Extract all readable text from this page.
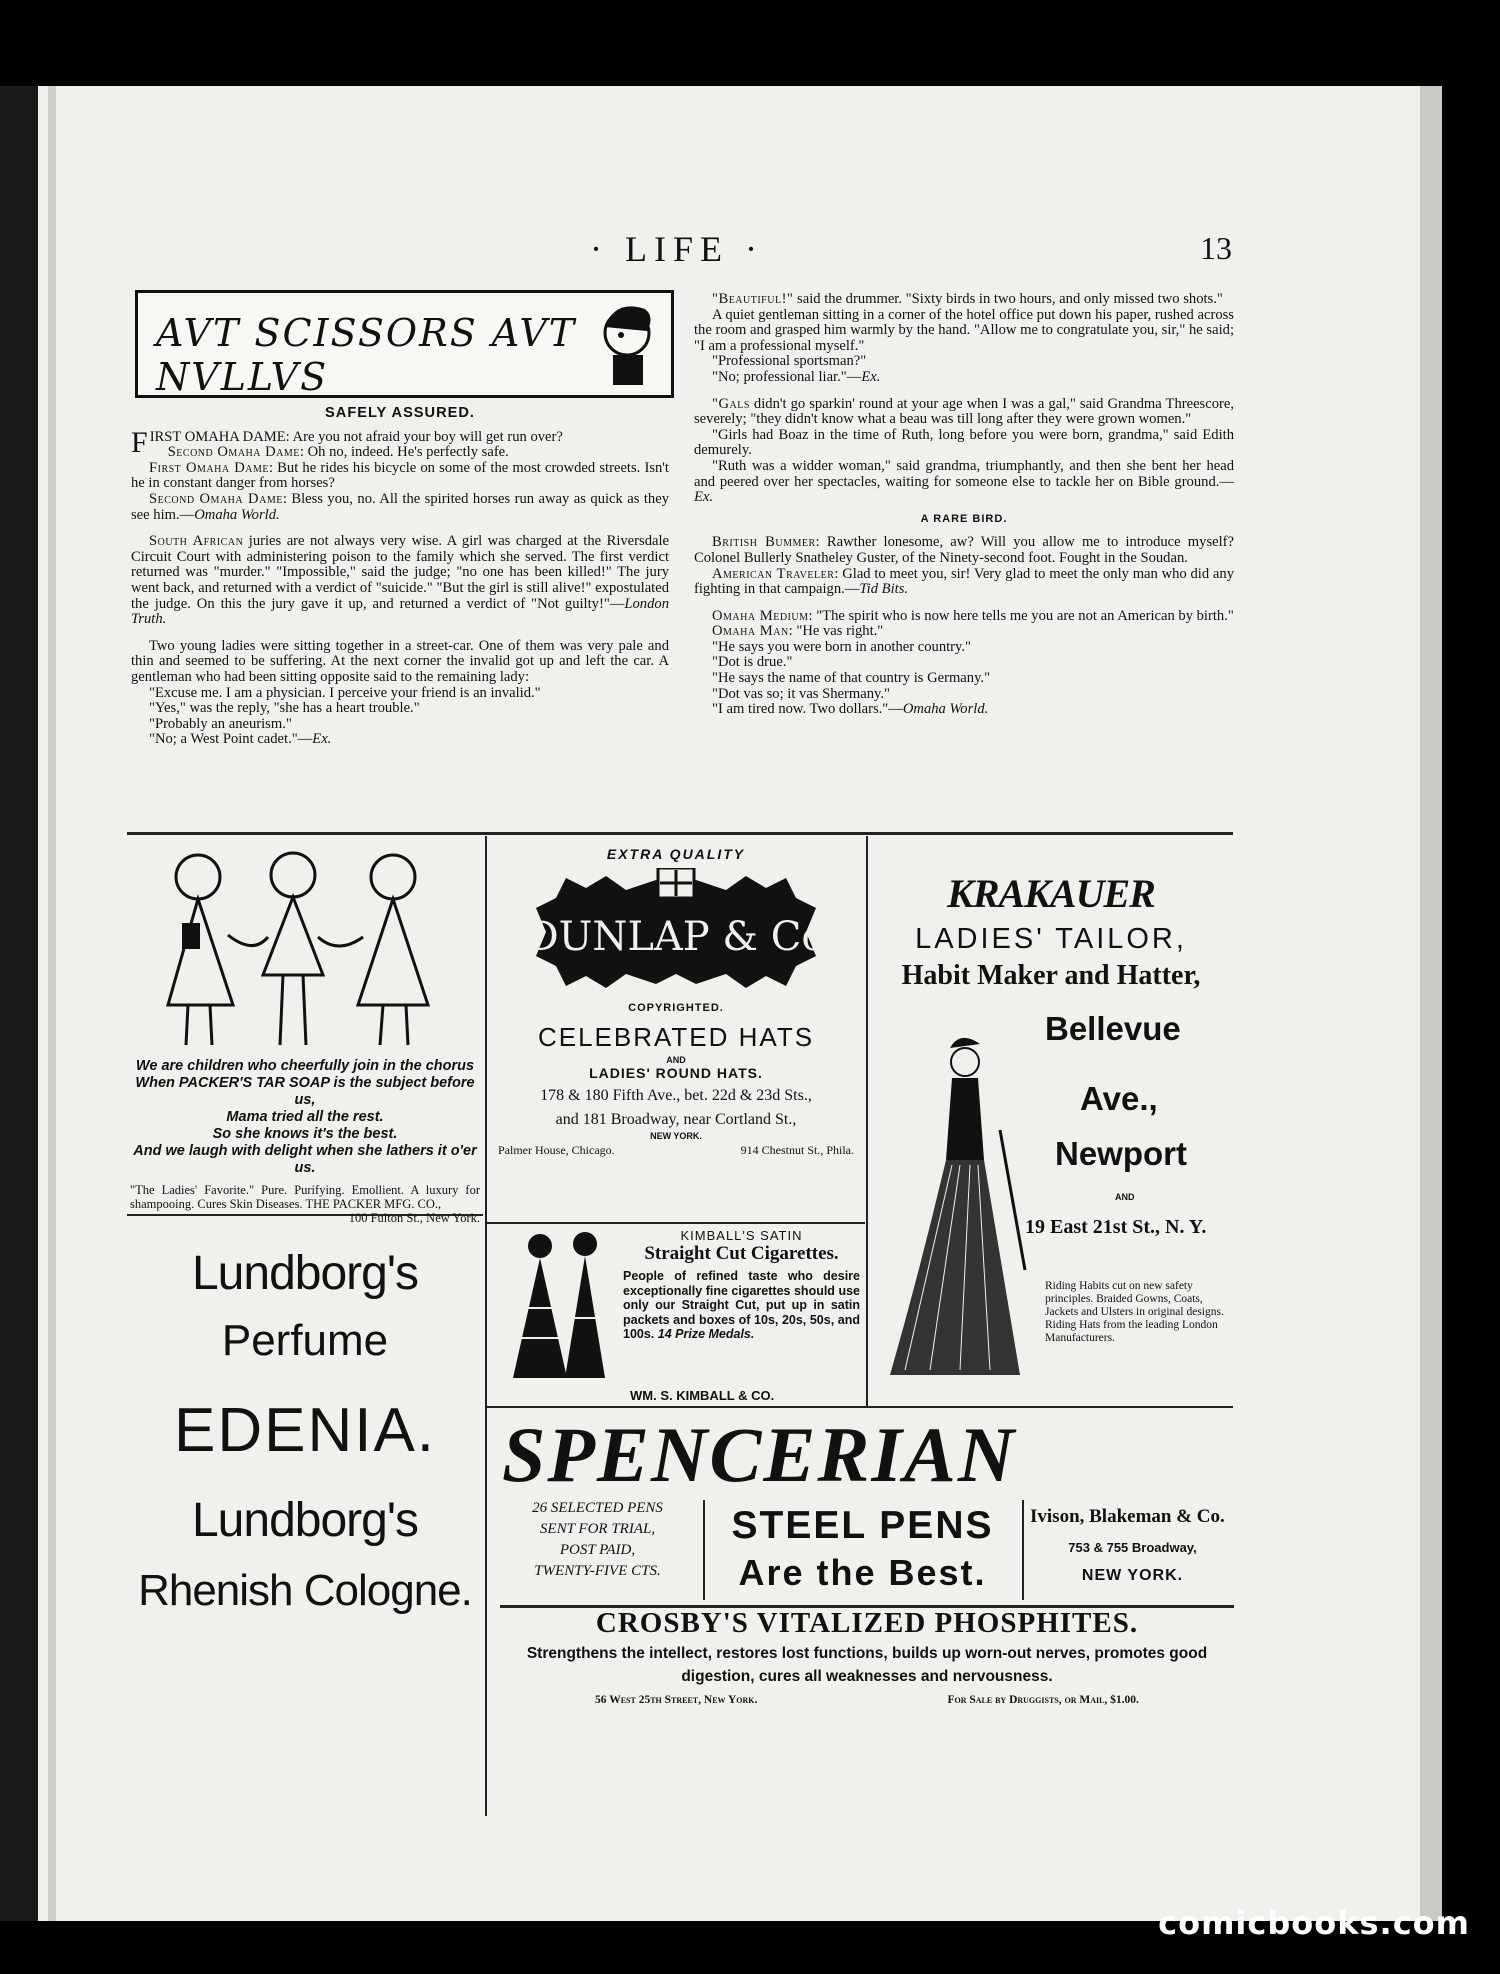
· LIFE ·	13
AVT SCISSORS AVT NVLLVS

SAFELY ASSURED.

FIRST OMAHA DAME: Are you not afraid your boy will get run over?

Second Omaha Dame: Oh no, indeed. He's perfectly safe.

First Omaha Dame: But he rides his bicycle on some of the most crowded streets. Isn't he in constant danger from horses?

Second Omaha Dame: Bless you, no. All the spirited horses run away as quick as they see him.—Omaha World.

South African juries are not always very wise. A girl was charged at the Riversdale Circuit Court with administering poison to the family which she served. The first verdict returned was "murder." "Impossible," said the judge; "no one has been killed!" The jury went back, and returned with a verdict of "suicide." "But the girl is still alive!" expostulated the judge. On this the jury gave it up, and returned a verdict of "Not guilty!"—London Truth.

Two young ladies were sitting together in a street-car. One of them was very pale and thin and seemed to be suffering. At the next corner the invalid got up and left the car. A gentleman who had been sitting opposite said to the remaining lady:

"Excuse me. I am a physician. I perceive your friend is an invalid."

"Yes," was the reply, "she has a heart trouble."

"Probably an aneurism."

"No; a West Point cadet."—Ex.

"Beautiful!" said the drummer. "Sixty birds in two hours, and only missed two shots."

A quiet gentleman sitting in a corner of the hotel office put down his paper, rushed across the room and grasped him warmly by the hand. "Allow me to congratulate you, sir," he said; "I am a professional myself."

"Professional sportsman?"

"No; professional liar."—Ex.

"Gals didn't go sparkin' round at your age when I was a gal," said Grandma Threescore, severely; "they didn't know what a beau was till long after they were grown women."

"Girls had Boaz in the time of Ruth, long before you were born, grandma," said Edith demurely.

"Ruth was a widder woman," said grandma, triumphantly, and then she bent her head and peered over her spectacles, waiting for someone else to tackle her on Bible ground.—Ex.

A RARE BIRD.

British Bummer: Rawther lonesome, aw? Will you allow me to introduce myself? Colonel Bullerly Snatheley Guster, of the Ninety-second foot. Fought in the Soudan.

American Traveler: Glad to meet you, sir! Very glad to meet the only man who did any fighting in that campaign.—Tid Bits.

Omaha Medium: "The spirit who is now here tells me you are not an American by birth."

Omaha Man: "He vas right."

"He says you were born in another country."

"Dot is drue."

"He says the name of that country is Germany."

"Dot vas so; it vas Shermany."

"I am tired now. Two dollars."—Omaha World.

We are children who cheerfully join in the chorus
When PACKER'S TAR SOAP is the subject before us,
Mama tried all the rest.
So she knows it's the best.
And we laugh with delight when she lathers it o'er us.
"The Ladies' Favorite." Pure. Purifying. Emollient. A luxury for shampooing. Cures Skin Diseases. THE PACKER MFG. CO.,
100 Fulton St., New York.
Lundborg's
Perfume
EDENIA.
Lundborg's
Rhenish Cologne.
EXTRA QUALITY
DUNLAP & Co
COPYRIGHTED.
CELEBRATED HATS
AND
LADIES' ROUND HATS.
178 & 180 Fifth Ave., bet. 22d & 23d Sts.,
and 181 Broadway, near Cortland St.,
NEW YORK.
Palmer House, Chicago.	914 Chestnut St., Phila.
KIMBALL'S SATIN
Straight Cut Cigarettes.
People of refined taste who desire exceptionally fine cigarettes should use only our Straight Cut, put up in satin packets and boxes of 10s, 20s, 50s, and 100s. 14 Prize Medals.
WM. S. KIMBALL & CO.
KRAKAUER
LADIES' TAILOR,
Habit Maker and Hatter,
Bellevue
Ave.,
Newport
AND
19 East 21st St., N. Y.
Riding Habits cut on new safety principles. Braided Gowns, Coats, Jackets and Ulsters in original designs. Riding Hats from the leading London Manufacturers.
SPENCERIAN
26 SELECTED PENS
SENT FOR TRIAL,
POST PAID,
TWENTY-FIVE CTS.
STEEL PENS
Are the Best.
Ivison, Blakeman & Co.
753 & 755 Broadway,
NEW YORK.
CROSBY'S VITALIZED PHOSPHITES.
Strengthens the intellect, restores lost functions, builds up worn-out nerves, promotes good digestion, cures all weaknesses and nervousness.
56 West 25th Street, New York.	For Sale by Druggists, or Mail, $1.00.
comicbooks.com
